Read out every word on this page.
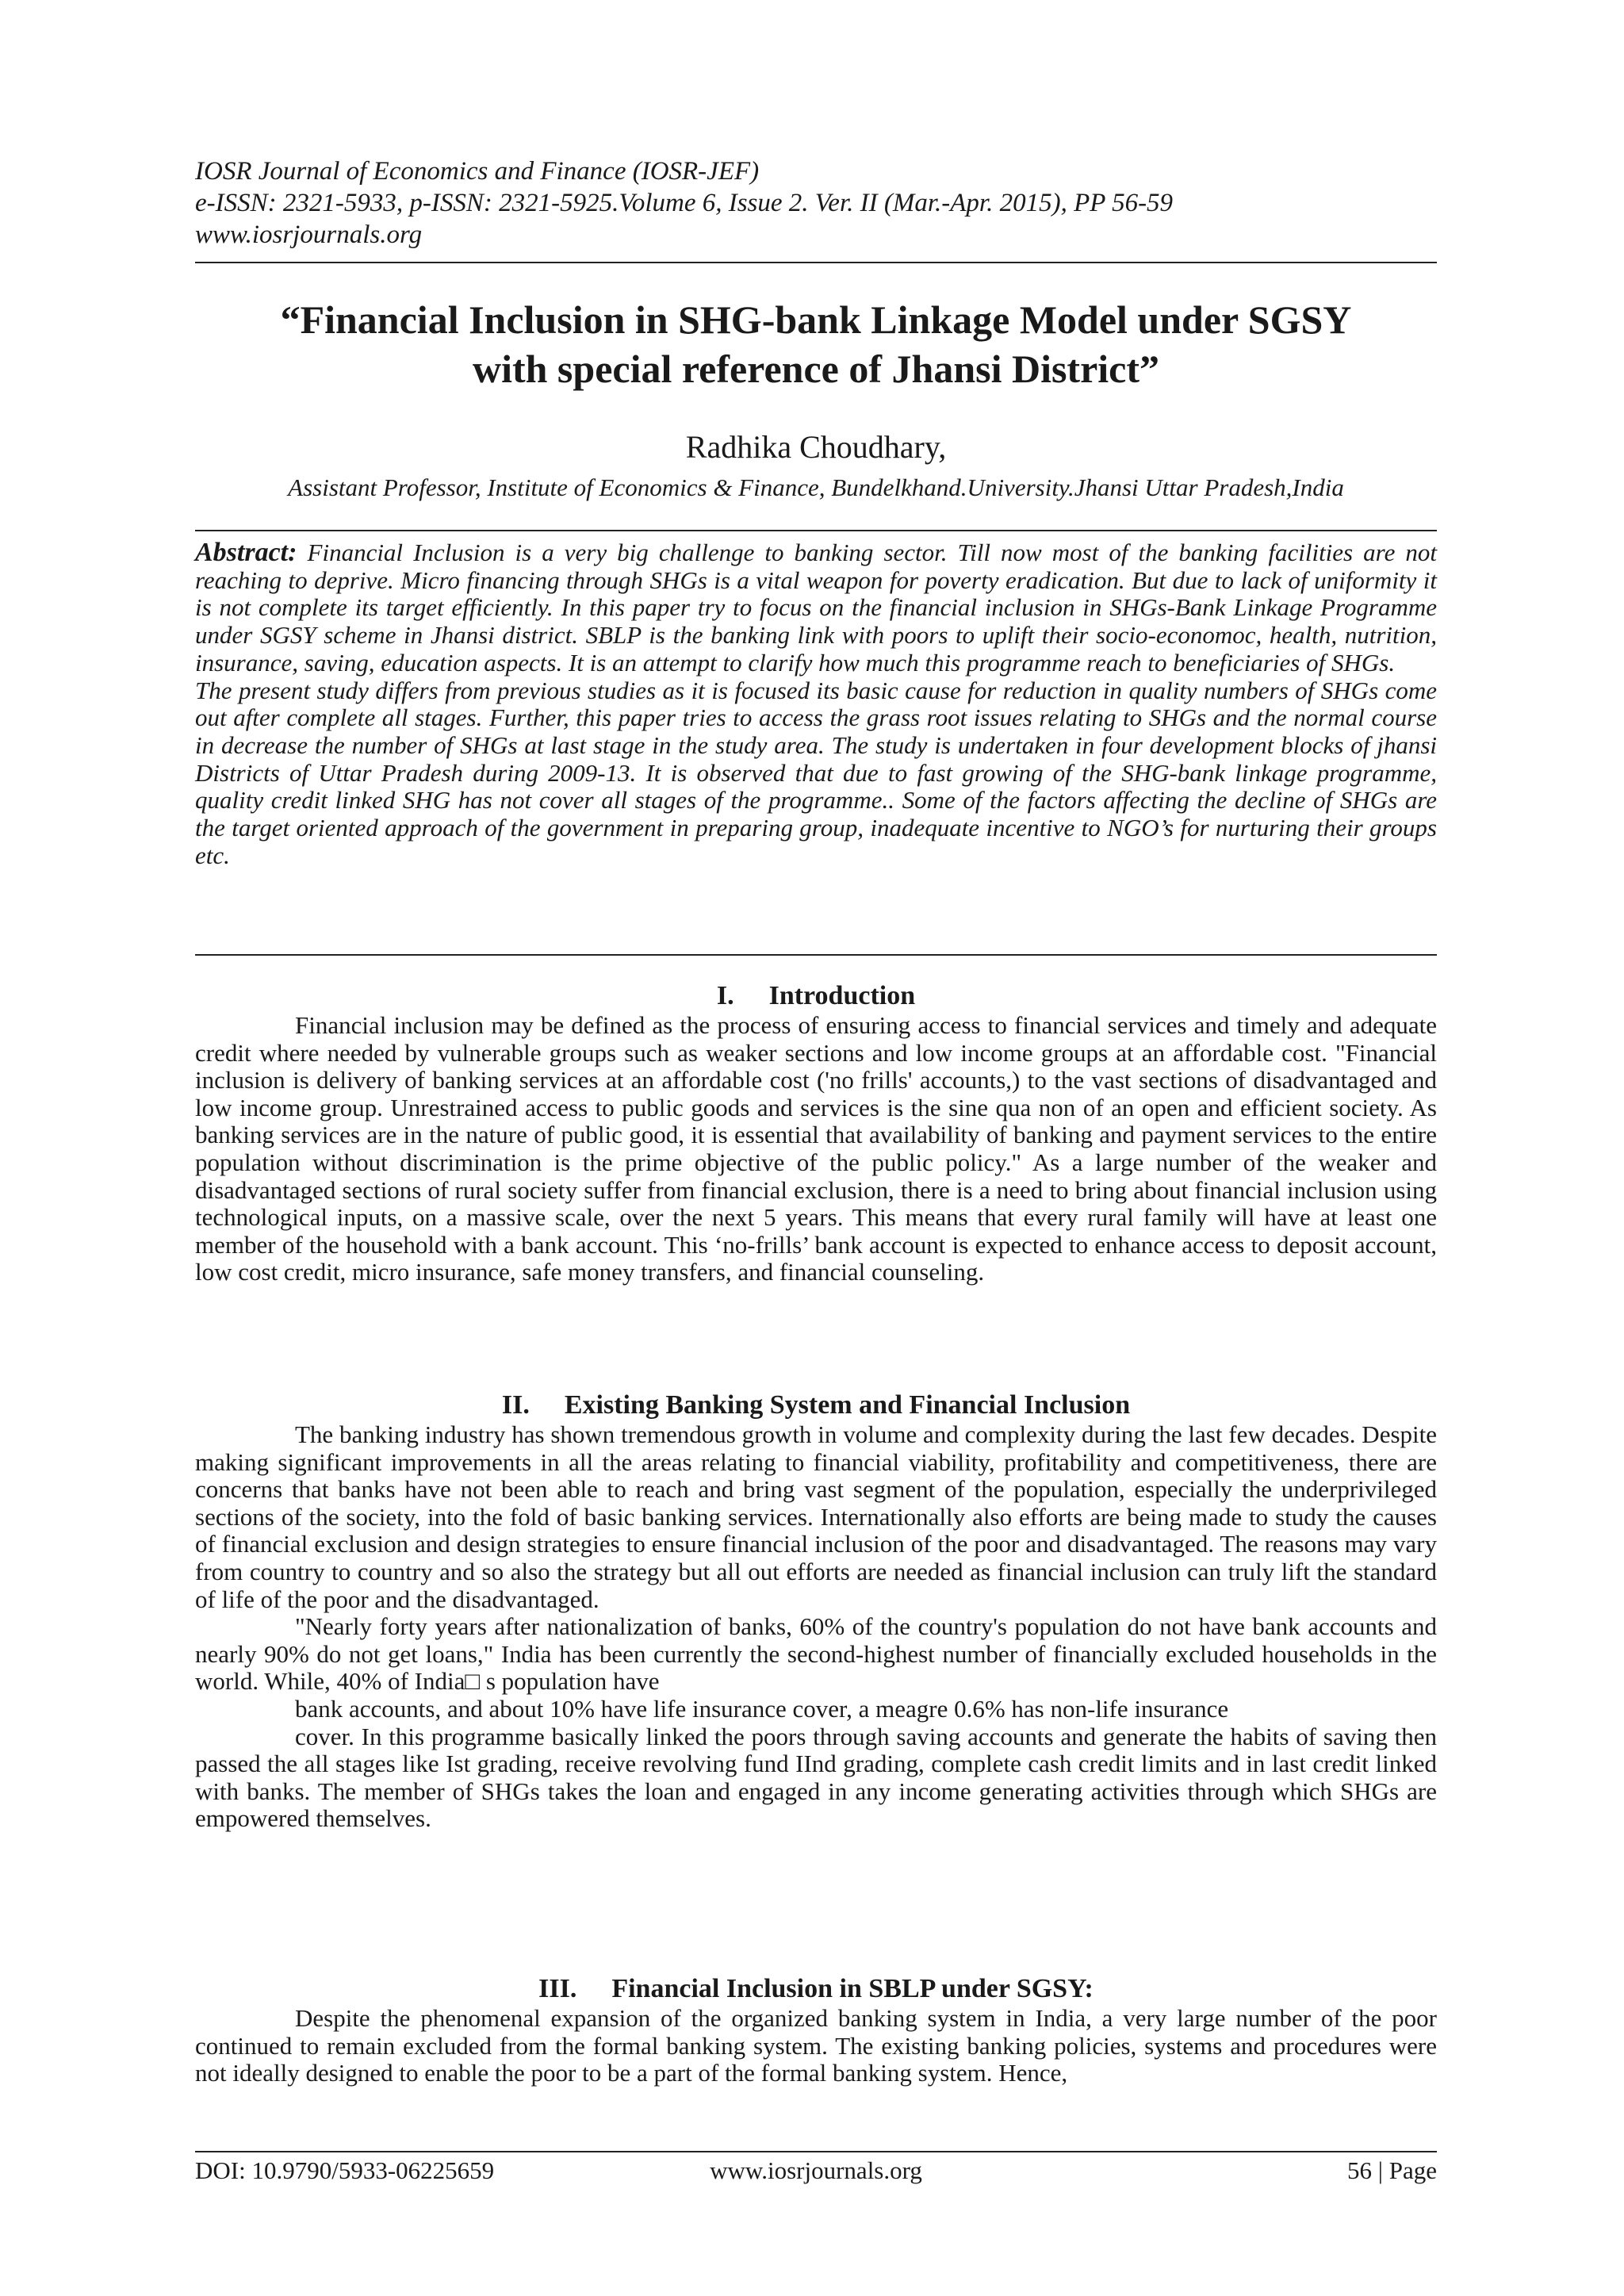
IOSR Journal of Economics and Finance (IOSR-JEF)
e-ISSN: 2321-5933, p-ISSN: 2321-5925.Volume 6, Issue 2. Ver. II (Mar.-Apr. 2015), PP 56-59
www.iosrjournals.org
“Financial Inclusion in SHG-bank Linkage Model under SGSY
with special reference of Jhansi District”
Radhika Choudhary,
Assistant Professor, Institute of Economics & Finance, Bundelkhand.University.Jhansi Uttar Pradesh,India

Abstract: Financial Inclusion is a very big challenge to banking sector. Till now most of the banking facilities are not reaching to deprive. Micro financing through SHGs is a vital weapon for poverty eradication. But due to lack of uniformity it is not complete its target efficiently. In this paper try to focus on the financial inclusion in SHGs-Bank Linkage Programme under SGSY scheme in Jhansi district. SBLP is the banking link with poors to uplift their socio-economoc, health, nutrition, insurance, saving, education aspects. It is an attempt to clarify how much this programme reach to beneficiaries of SHGs.

The present study differs from previous studies as it is focused its basic cause for reduction in quality numbers of SHGs come out after complete all stages. Further, this paper tries to access the grass root issues relating to SHGs and the normal course in decrease the number of SHGs at last stage in the study area. The study is undertaken in four development blocks of jhansi Districts of Uttar Pradesh during 2009-13. It is observed that due to fast growing of the SHG-bank linkage programme, quality credit linked SHG has not cover all stages of the programme.. Some of the factors affecting the decline of SHGs are the target oriented approach of the government in preparing group, inadequate incentive to NGO’s for nurturing their groups etc.

I. Introduction

Financial inclusion may be defined as the process of ensuring access to financial services and timely and adequate credit where needed by vulnerable groups such as weaker sections and low income groups at an affordable cost. "Financial inclusion is delivery of banking services at an affordable cost ('no frills' accounts,) to the vast sections of disadvantaged and low income group. Unrestrained access to public goods and services is the sine qua non of an open and efficient society. As banking services are in the nature of public good, it is essential that availability of banking and payment services to the entire population without discrimination is the prime objective of the public policy." As a large number of the weaker and disadvantaged sections of rural society suffer from financial exclusion, there is a need to bring about financial inclusion using technological inputs, on a massive scale, over the next 5 years. This means that every rural family will have at least one member of the household with a bank account. This ‘no-frills’ bank account is expected to enhance access to deposit account, low cost credit, micro insurance, safe money transfers, and financial counseling.

II. Existing Banking System and Financial Inclusion

The banking industry has shown tremendous growth in volume and complexity during the last few decades. Despite making significant improvements in all the areas relating to financial viability, profitability and competitiveness, there are concerns that banks have not been able to reach and bring vast segment of the population, especially the underprivileged sections of the society, into the fold of basic banking services. Internationally also efforts are being made to study the causes of financial exclusion and design strategies to ensure financial inclusion of the poor and disadvantaged. The reasons may vary from country to country and so also the strategy but all out efforts are needed as financial inclusion can truly lift the standard of life of the poor and the disadvantaged.

"Nearly forty years after nationalization of banks, 60% of the country's population do not have bank accounts and nearly 90% do not get loans," India has been currently the second-highest number of financially excluded households in the world. While, 40% of India□ s population have

bank accounts, and about 10% have life insurance cover, a meagre 0.6% has non-life insurance

cover. In this programme basically linked the poors through saving accounts and generate the habits of saving then passed the all stages like Ist grading, receive revolving fund IInd grading, complete cash credit limits and in last credit linked with banks. The member of SHGs takes the loan and engaged in any income generating activities through which SHGs are empowered themselves.

III. Financial Inclusion in SBLP under SGSY:

Despite the phenomenal expansion of the organized banking system in India, a very large number of the poor continued to remain excluded from the formal banking system. The existing banking policies, systems and procedures were not ideally designed to enable the poor to be a part of the formal banking system. Hence,

DOI: 10.9790/5933-06225659	www.iosrjournals.org	56 | Page
